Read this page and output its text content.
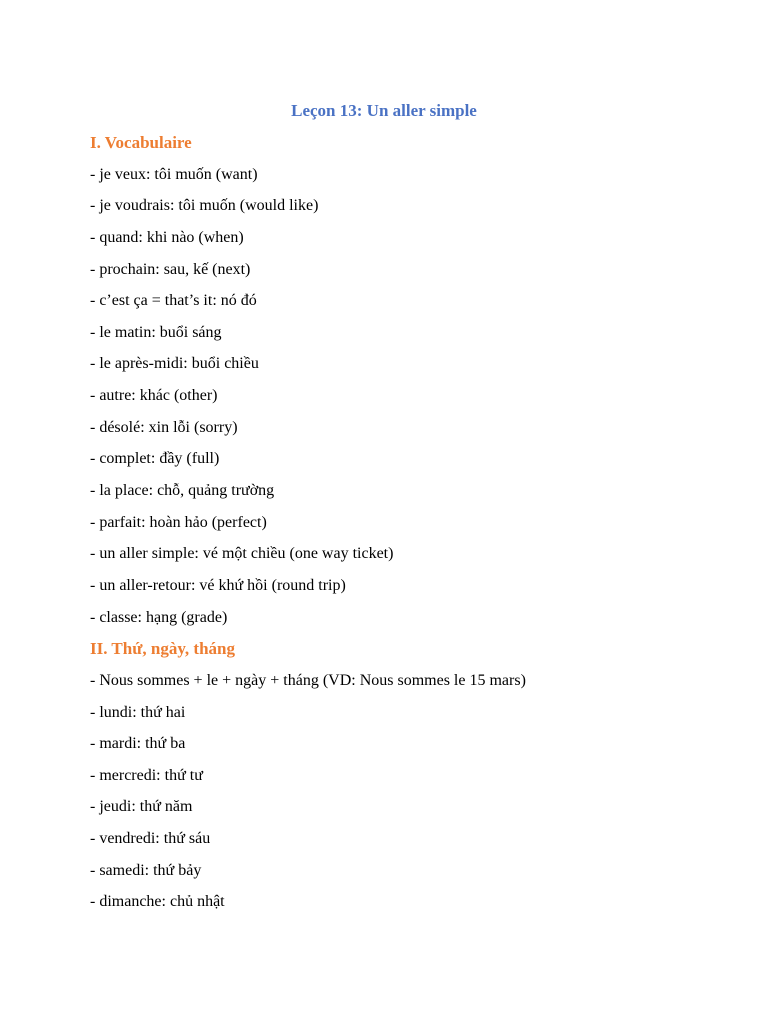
Leçon 13: Un aller simple
I. Vocabulaire
- je veux: tôi muốn (want)
- je voudrais: tôi muốn (would like)
- quand: khi nào (when)
- prochain: sau, kế (next)
- c’est ça = that’s it: nó đó
- le matin: buổi sáng
- le après-midi: buổi chiều
- autre: khác (other)
- désolé: xin lỗi (sorry)
- complet: đầy (full)
- la place: chỗ, quảng trường
- parfait: hoàn hảo (perfect)
- un aller simple: vé một chiều (one way ticket)
- un aller-retour: vé khứ hồi (round trip)
- classe: hạng (grade)
II. Thứ, ngày, tháng
- Nous sommes + le + ngày + tháng (VD: Nous sommes le 15 mars)
- lundi: thứ hai
- mardi: thứ ba
- mercredi: thứ tư
- jeudi: thứ năm
- vendredi: thứ sáu
- samedi: thứ bảy
- dimanche: chủ nhật
